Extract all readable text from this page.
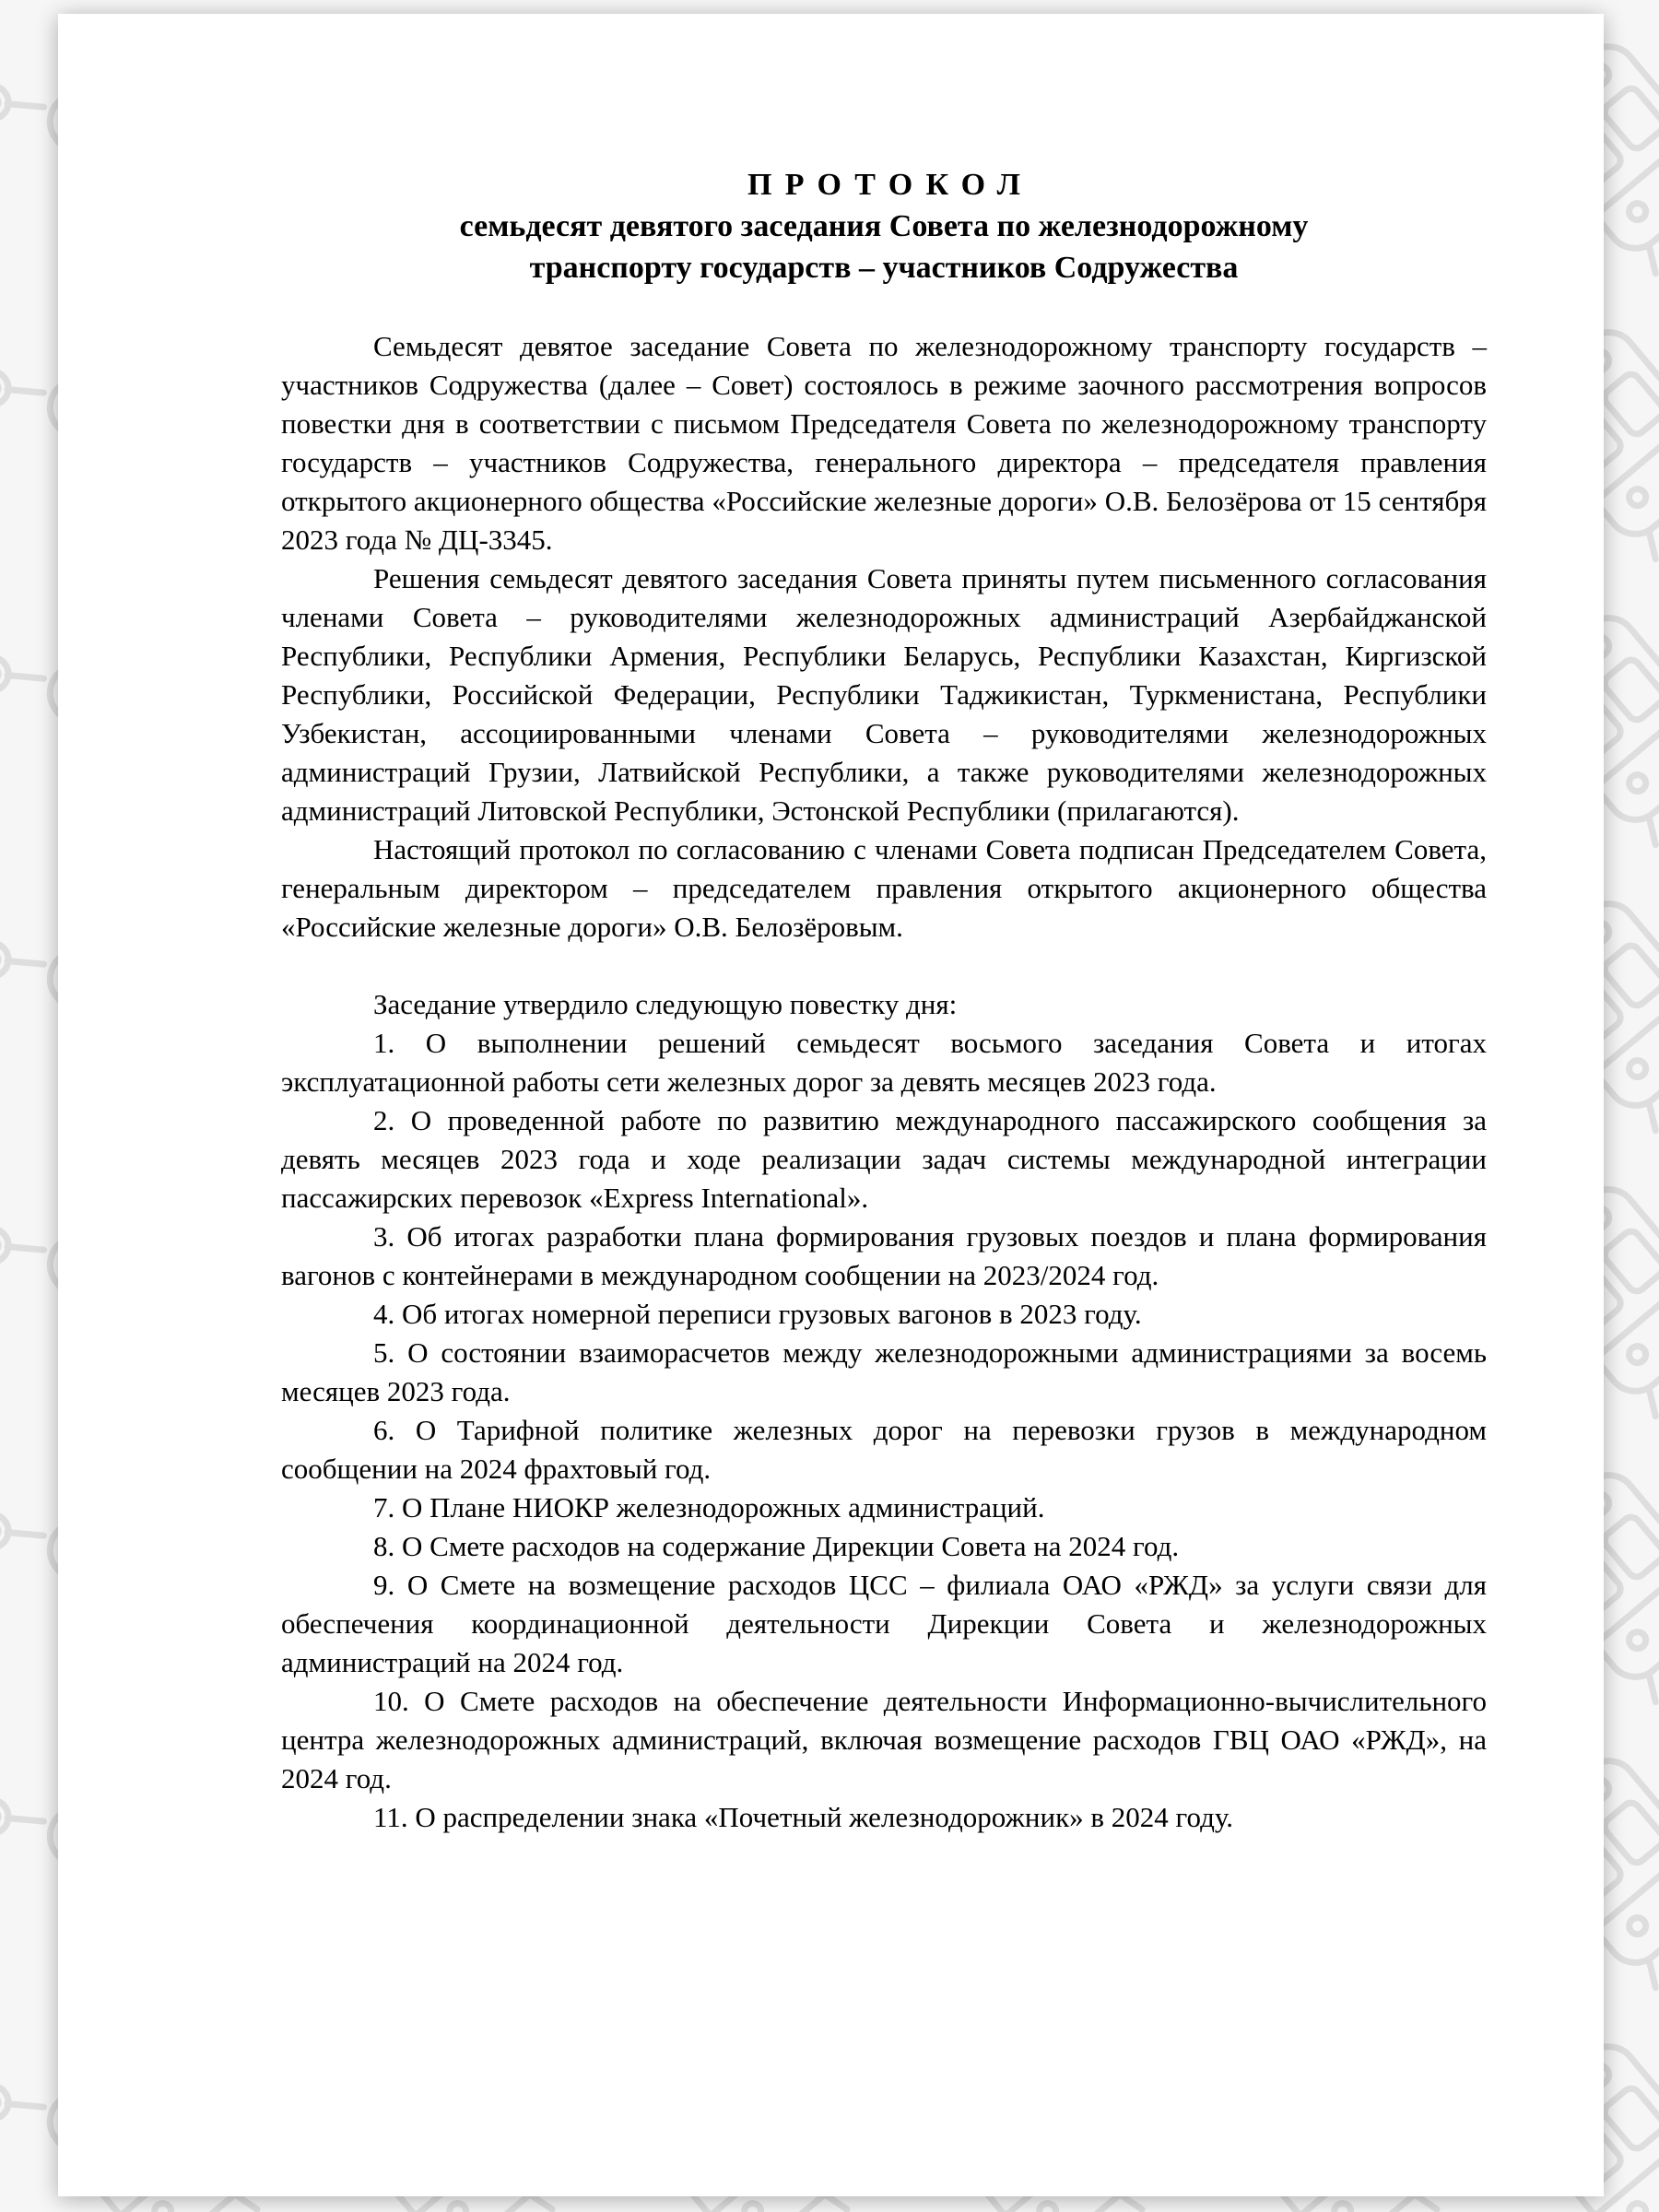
ПРОТОКОЛ
семьдесят девятого заседания Совета по железнодорожному
транспорту государств – участников Содружества

Семьдесят девятое заседание Совета по железнодорожному транспорту государств – участников Содружества (далее – Совет) состоялось в режиме заочного рассмотрения вопросов повестки дня в соответствии с письмом Председателя Совета по железнодорожному транспорту государств – участников Содружества, генерального директора – председателя правления открытого акционерного общества «Российские железные дороги» О.В. Белозёрова от 15 сентября 2023 года № ДЦ-3345.

Решения семьдесят девятого заседания Совета приняты путем письменного согласования членами Совета – руководителями железнодорожных администраций Азербайджанской Республики, Республики Армения, Республики Беларусь, Республики Казахстан, Киргизской Республики, Российской Федерации, Республики Таджикистан, Туркменистана, Республики Узбекистан, ассоциированными членами Совета – руководителями железнодорожных администраций Грузии, Латвийской Республики, а также руководителями железнодорожных администраций Литовской Республики, Эстонской Республики (прилагаются).

Настоящий протокол по согласованию с членами Совета подписан Председателем Совета, генеральным директором – председателем правления открытого акционерного общества «Российские железные дороги» О.В. Белозёровым.

Заседание утвердило следующую повестку дня:

1. О выполнении решений семьдесят восьмого заседания Совета и итогах эксплуатационной работы сети железных дорог за девять месяцев 2023 года.

2. О проведенной работе по развитию международного пассажирского сообщения за девять месяцев 2023 года и ходе реализации задач системы международной интеграции пассажирских перевозок «Express International».

3. Об итогах разработки плана формирования грузовых поездов и плана формирования вагонов с контейнерами в международном сообщении на 2023/2024 год.

4. Об итогах номерной переписи грузовых вагонов в 2023 году.

5. О состоянии взаиморасчетов между железнодорожными администрациями за восемь месяцев 2023 года.

6. О Тарифной политике железных дорог на перевозки грузов в международном сообщении на 2024 фрахтовый год.

7. О Плане НИОКР железнодорожных администраций.

8. О Смете расходов на содержание Дирекции Совета на 2024 год.

9. О Смете на возмещение расходов ЦСС – филиала ОАО «РЖД» за услуги связи для обеспечения координационной деятельности Дирекции Совета и железнодорожных администраций на 2024 год.

10. О Смете расходов на обеспечение деятельности Информационно-вычислительного центра железнодорожных администраций, включая возмещение расходов ГВЦ ОАО «РЖД», на 2024 год.

11. О распределении знака «Почетный железнодорожник» в 2024 году.
